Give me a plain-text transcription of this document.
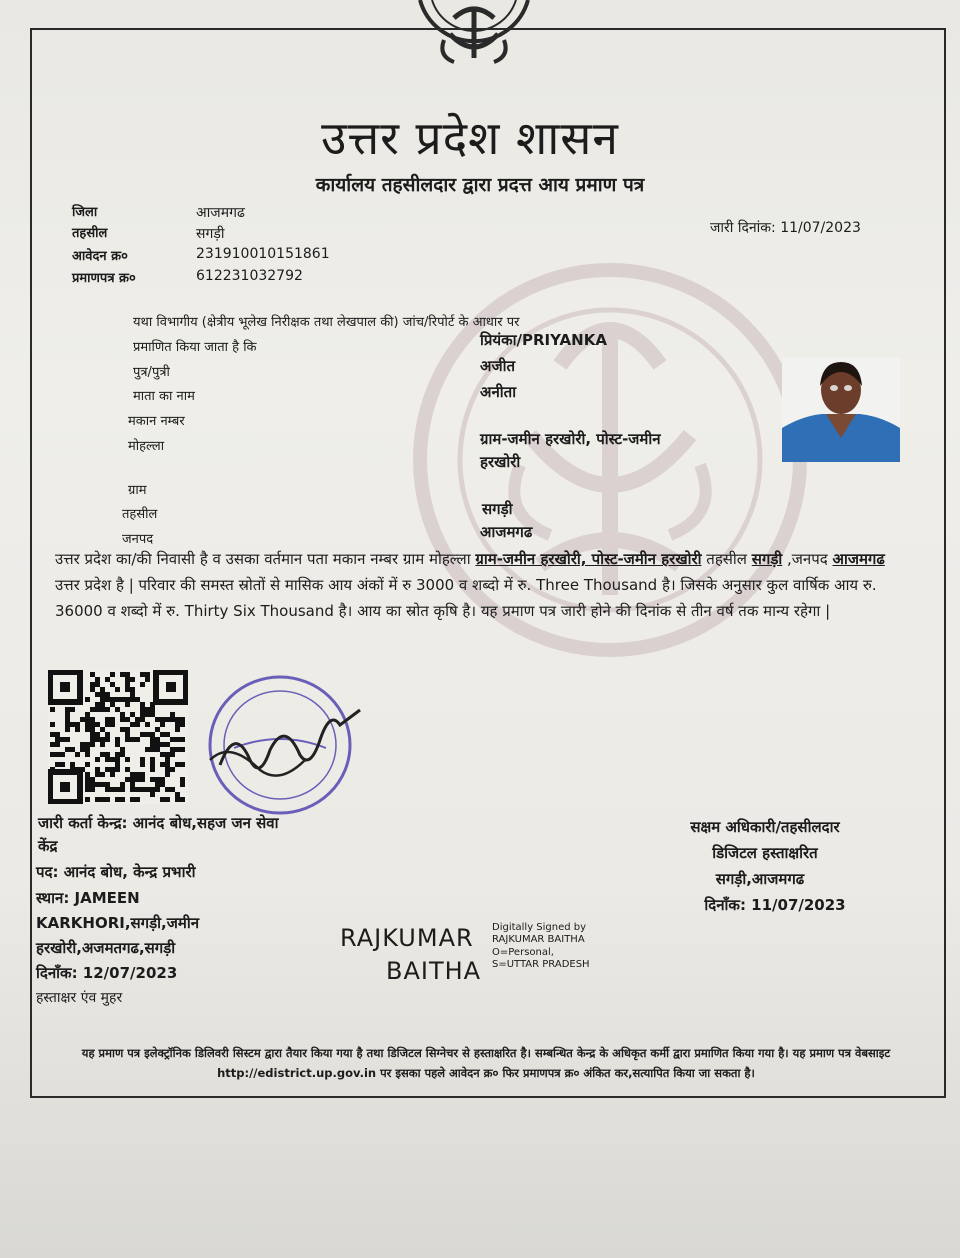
उत्तर प्रदेश शासन
कार्यालय तहसीलदार द्वारा प्रदत्त आय प्रमाण पत्र
जिला	आजमगढ
तहसील	सगड़ी
आवेदन क्र०	231910010151861
प्रमाणपत्र क्र०	612231032792
जारी दिनांक: 11/07/2023
यथा विभागीय (क्षेत्रीय भूलेख निरीक्षक तथा लेखपाल की) जांच/रिपोर्ट के आधार पर
प्रमाणित किया जाता है कि	प्रियंका/PRIYANKA
पुत्र/पुत्री	अजीत
माता का नाम	अनीता
मकान नम्बर
मोहल्ला	ग्राम-जमीन हरखोरी, पोस्ट-जमीन
हरखोरी
ग्राम
तहसील	सगड़ी
जनपद	आजमगढ
उत्तर प्रदेश का/की निवासी है व उसका वर्तमान पता मकान नम्बर ग्राम मोहल्ला ग्राम-जमीन हरखोरी, पोस्ट-जमीन हरखोरी तहसील सगड़ी ,जनपद आजमगढ उत्तर प्रदेश है | परिवार की समस्त स्रोतों से मासिक आय अंकों में रु 3000 व शब्दो में रु. Three Thousand है। जिसके अनुसार कुल वार्षिक आय रु. 36000 व शब्दो में रु. Thirty Six Thousand है। आय का स्रोत कृषि है। यह प्रमाण पत्र जारी होने की दिनांक से तीन वर्ष तक मान्य रहेगा |
जारी कर्ता केन्द्र: आनंद बोध,सहज जन सेवा
केंद्र
पद: आनंद बोध, केन्द्र प्रभारी
स्थान: JAMEEN
KARKHORI,सगड़ी,जमीन
हरखोरी,अजमतगढ,सगड़ी
दिनाँक: 12/07/2023
हस्ताक्षर एंव मुहर
RAJKUMAR
BAITHA
Digitally Signed by
RAJKUMAR BAITHA
O=Personal,
S=UTTAR PRADESH
सक्षम अधिकारी/तहसीलदार
डिजिटल हस्ताक्षरित
सगड़ी,आजमगढ
दिनाँक: 11/07/2023
यह प्रमाण पत्र इलेक्ट्रॉनिक डिलिवरी सिस्टम द्वारा तैयार किया गया है तथा डिजिटल सिग्नेचर से हस्ताक्षरित है। सम्बन्धित केन्द्र के अधिकृत कर्मी द्वारा प्रमाणित किया गया है। यह प्रमाण पत्र वेबसाइट http://edistrict.up.gov.in पर इसका पहले आवेदन क्र० फिर प्रमाणपत्र क्र० अंकित कर,सत्यापित किया जा सकता है।
